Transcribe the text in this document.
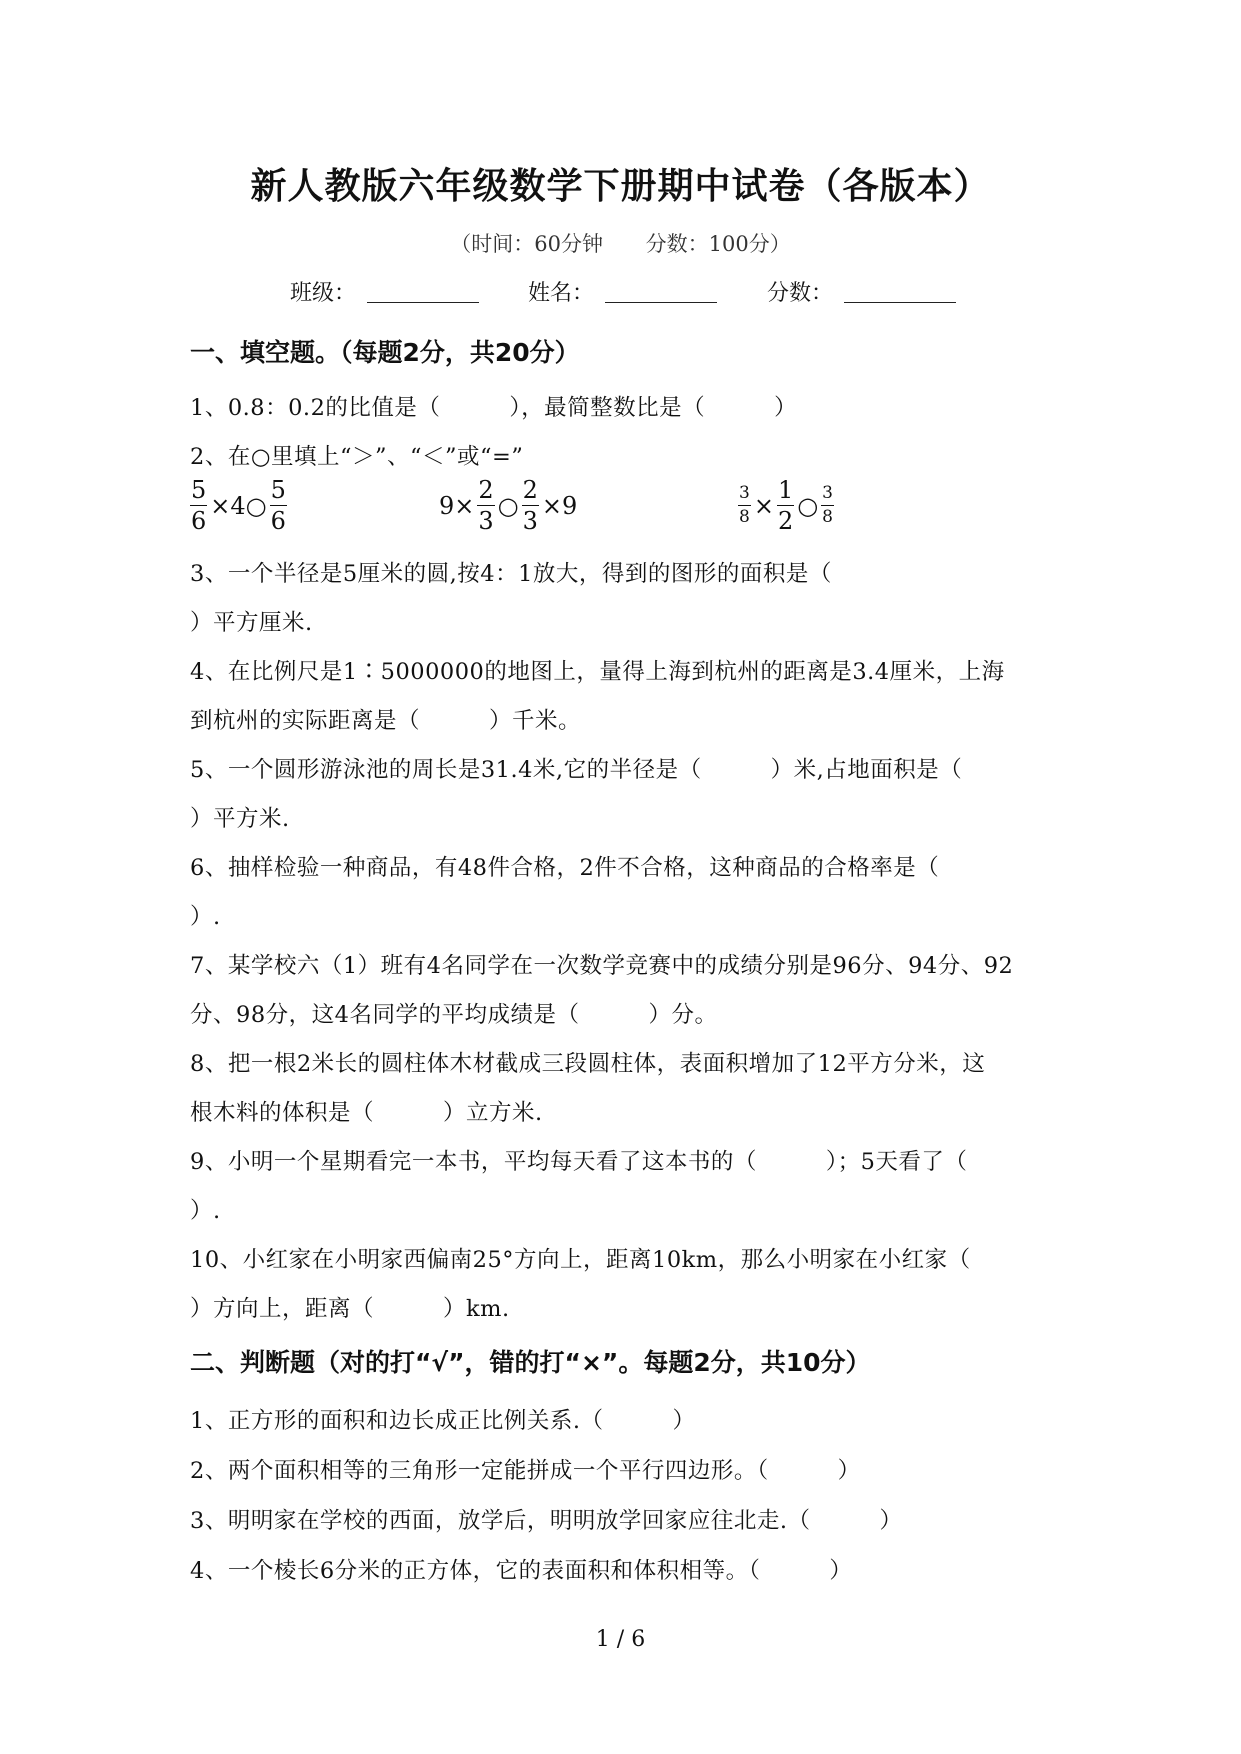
新人教版六年级数学下册期中试卷（各版本）
（时间：60分钟 分数：100分）
班级：	姓名：	分数：
一、填空题。（每题2分，共20分）
1、0.8：0.2的比值是（　　　），最简整数比是（　　　）
2、在○里填上“＞”、“＜”或“=”
$\frac{5}{6}$ ×4○ $\frac{5}{6}$	$9\times \frac{2}{3}$ ○ $\frac{2}{3} \times 9$	$\frac{3}{8} \times \frac{1}{2}$ ○ $\frac{3}{8}$
3、一个半径是5厘米的圆,按4：1放大，得到的图形的面积是（
）平方厘米.
4、在比例尺是1∶5000000的地图上，量得上海到杭州的距离是3.4厘米，上海
到杭州的实际距离是（　　　）千米。
5、一个圆形游泳池的周长是31.4米,它的半径是（　　　）米,占地面积是（
）平方米.
6、抽样检验一种商品，有48件合格，2件不合格，这种商品的合格率是（
）.
7、某学校六（1）班有4名同学在一次数学竞赛中的成绩分别是96分、94分、92
分、98分，这4名同学的平均成绩是（　　　）分。
8、把一根2米长的圆柱体木材截成三段圆柱体，表面积增加了12平方分米，这
根木料的体积是（　　　）立方米.
9、小明一个星期看完一本书，平均每天看了这本书的（　　　）；5天看了（
）.
10、小红家在小明家西偏南25°方向上，距离10km，那么小明家在小红家（
）方向上，距离（　　　）km.
二、判断题（对的打“√”，错的打“×”。每题2分，共10分）
1、正方形的面积和边长成正比例关系.（　　　）
2、两个面积相等的三角形一定能拼成一个平行四边形。（　　　）
3、明明家在学校的西面，放学后，明明放学回家应往北走.（　　　）
4、一个棱长6分米的正方体，它的表面积和体积相等。（　　　）
1 / 6
